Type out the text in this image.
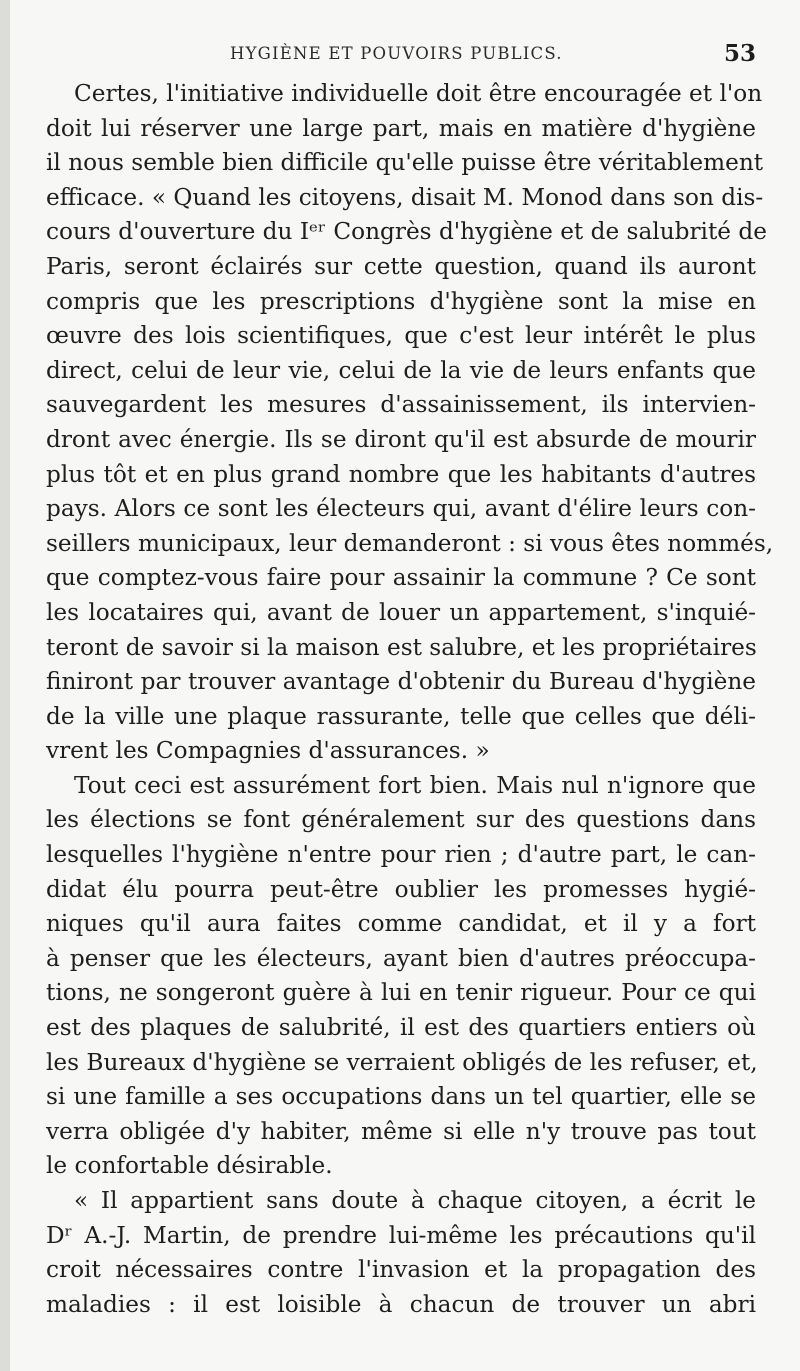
HYGIÈNE ET POUVOIRS PUBLICS.	53

Certes, l'initiative individuelle doit être encouragée et l'on
doit lui réserver une large part, mais en matière d'hygiène
il nous semble bien difficile qu'elle puisse être véritablement
efficace. « Quand les citoyens, disait M. Monod dans son dis-
cours d'ouverture du Iᵉʳ Congrès d'hygiène et de salubrité de
Paris, seront éclairés sur cette question, quand ils auront
compris que les prescriptions d'hygiène sont la mise en
œuvre des lois scientifiques, que c'est leur intérêt le plus
direct, celui de leur vie, celui de la vie de leurs enfants que
sauvegardent les mesures d'assainissement, ils intervien-
dront avec énergie. Ils se diront qu'il est absurde de mourir
plus tôt et en plus grand nombre que les habitants d'autres
pays. Alors ce sont les électeurs qui, avant d'élire leurs con-
seillers municipaux, leur demanderont : si vous êtes nommés,
que comptez-vous faire pour assainir la commune ? Ce sont
les locataires qui, avant de louer un appartement, s'inquié-
teront de savoir si la maison est salubre, et les propriétaires
finiront par trouver avantage d'obtenir du Bureau d'hygiène
de la ville une plaque rassurante, telle que celles que déli-
vrent les Compagnies d'assurances. »

Tout ceci est assurément fort bien. Mais nul n'ignore que
les élections se font généralement sur des questions dans
lesquelles l'hygiène n'entre pour rien ; d'autre part, le can-
didat élu pourra peut-être oublier les promesses hygié-
niques qu'il aura faites comme candidat, et il y a fort
à penser que les électeurs, ayant bien d'autres préoccupa-
tions, ne songeront guère à lui en tenir rigueur. Pour ce qui
est des plaques de salubrité, il est des quartiers entiers où
les Bureaux d'hygiène se verraient obligés de les refuser, et,
si une famille a ses occupations dans un tel quartier, elle se
verra obligée d'y habiter, même si elle n'y trouve pas tout
le confortable désirable.

« Il appartient sans doute à chaque citoyen, a écrit le
Dʳ A.-J. Martin, de prendre lui-même les précautions qu'il
croit nécessaires contre l'invasion et la propagation des
maladies : il est loisible à chacun de trouver un abri
